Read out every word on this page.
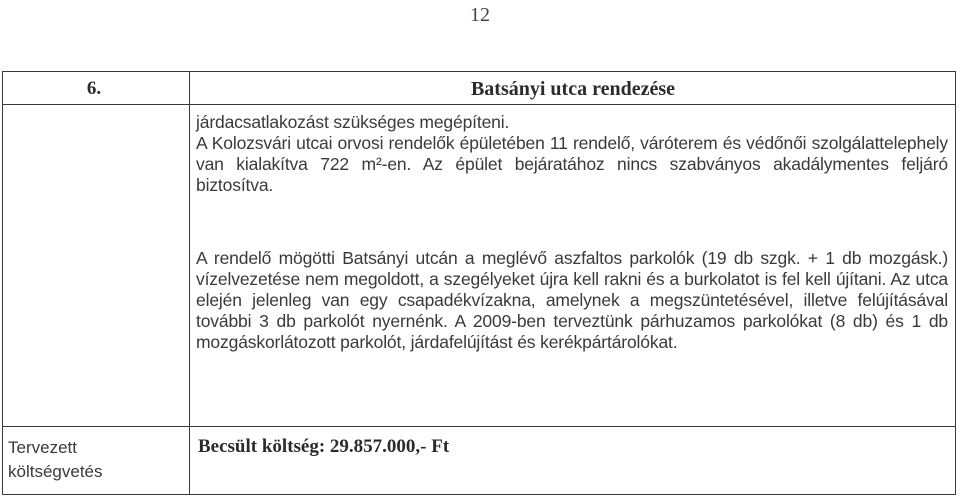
12
6.	Batsányi utca rendezése

járdacsatlakozást szükséges megépíteni.

A Kolozsvári utcai orvosi rendelők épületében 11 rendelő, váróterem és védőnői szolgálattelephely van kialakítva 722 m²-en. Az épület bejáratához nincs szabványos akadálymentes feljáró biztosítva.

A rendelő mögötti Batsányi utcán a meglévő aszfaltos parkolók (19 db szgk. + 1 db mozgásk.) vízelvezetése nem megoldott, a szegélyeket újra kell rakni és a burkolatot is fel kell újítani. Az utca elején jelenleg van egy csapadékvízakna, amelynek a megszüntetésével, illetve felújításával további 3 db parkolót nyernénk. A 2009-ben terveztünk párhuzamos parkolókat (8 db) és 1 db mozgáskorlátozott parkolót, járdafelújítást és kerékpártárolókat.

Tervezett
költségvetés
Becsült költség: 29.857.000,- Ft
